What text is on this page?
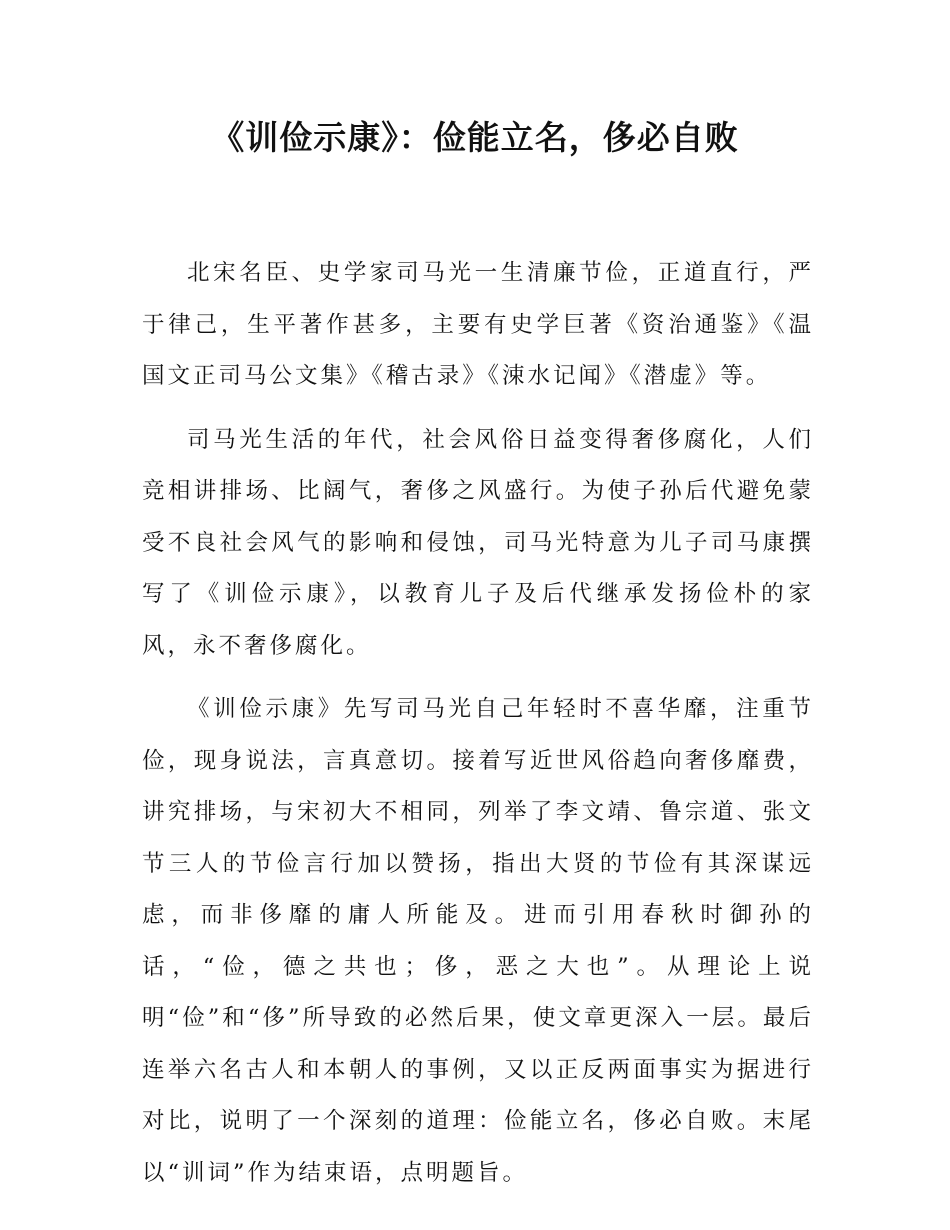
《训俭示康》：俭能立名，侈必自败

北宋名臣、史学家司马光一生清廉节俭，正道直行，严于律己，生平著作甚多，主要有史学巨著《资治通鉴》《温国文正司马公文集》《稽古录》《涑水记闻》《潜虚》等。

司马光生活的年代，社会风俗日益变得奢侈腐化，人们竞相讲排场、比阔气，奢侈之风盛行。为使子孙后代避免蒙受不良社会风气的影响和侵蚀，司马光特意为儿子司马康撰写了《训俭示康》，以教育儿子及后代继承发扬俭朴的家风，永不奢侈腐化。

《训俭示康》先写司马光自己年轻时不喜华靡，注重节俭，现身说法，言真意切。接着写近世风俗趋向奢侈靡费，讲究排场，与宋初大不相同，列举了李文靖、鲁宗道、张文节三人的节俭言行加以赞扬，指出大贤的节俭有其深谋远虑，而非侈靡的庸人所能及。进而引用春秋时御孙的话，“俭，德之共也；侈，恶之大也”。从理论上说明“俭”和“侈”所导致的必然后果，使文章更深入一层。最后连举六名古人和本朝人的事例，又以正反两面事实为据进行对比，说明了一个深刻的道理：俭能立名，侈必自败。末尾以“训词”作为结束语，点明题旨。
